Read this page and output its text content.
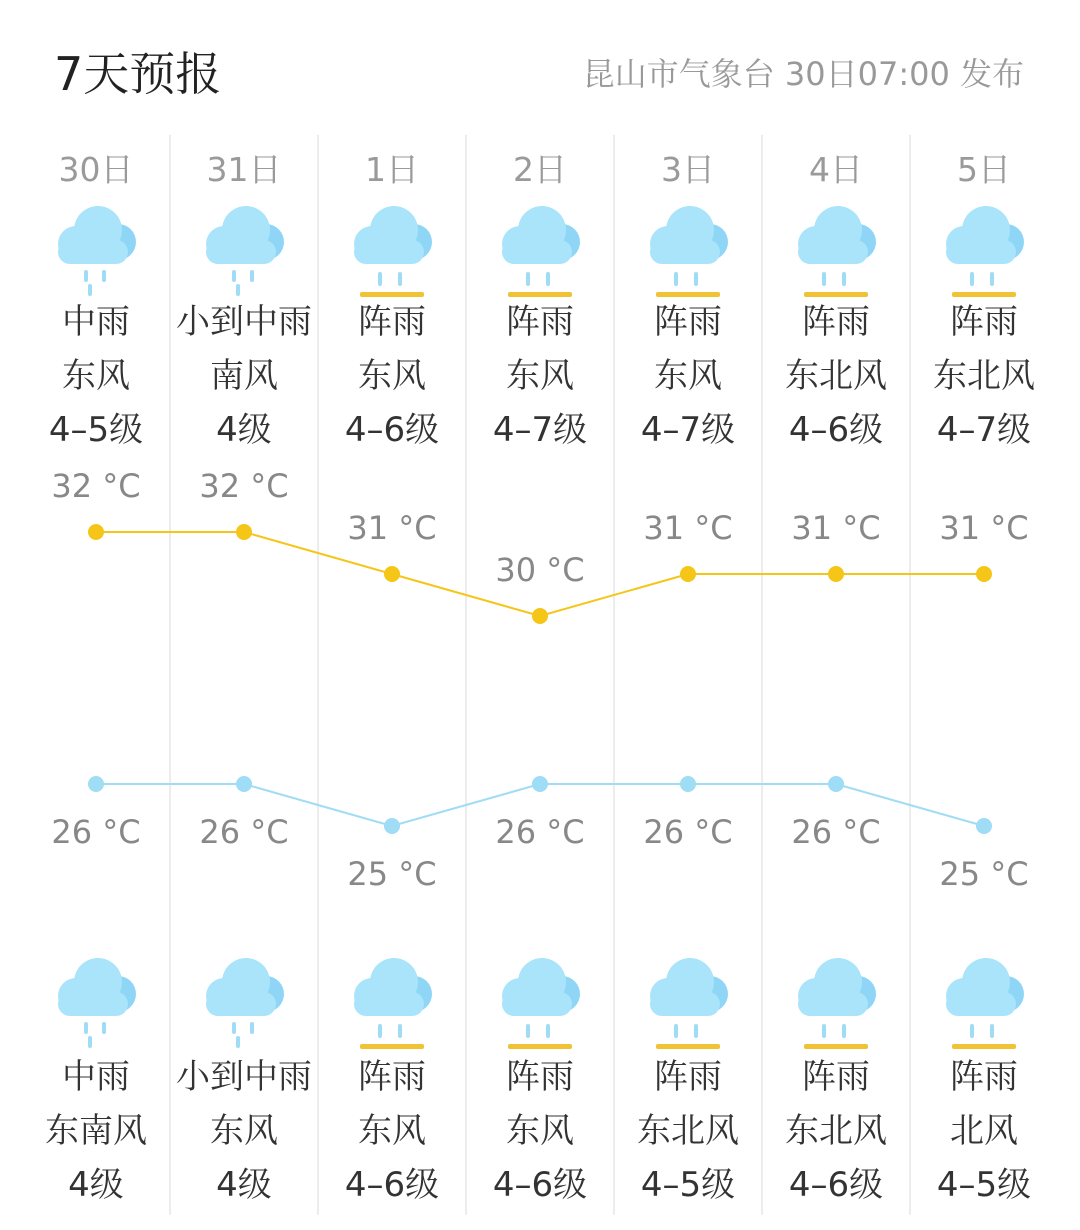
7天预报	昆山市气象台 30日07:00 发布
30日
中雨
东风
4–5级
中雨
东南风
4级
32 °C
26 °C
31日
小到中雨
南风
4级
小到中雨
东风
4级
32 °C
26 °C
1日
阵雨
东风
4–6级
阵雨
东风
4–6级
31 °C
25 °C
2日
阵雨
东风
4–7级
阵雨
东风
4–6级
30 °C
26 °C
3日
阵雨
东风
4–7级
阵雨
东北风
4–5级
31 °C
26 °C
4日
阵雨
东北风
4–6级
阵雨
东北风
4–6级
31 °C
26 °C
5日
阵雨
东北风
4–7级
阵雨
北风
4–5级
31 °C
25 °C
